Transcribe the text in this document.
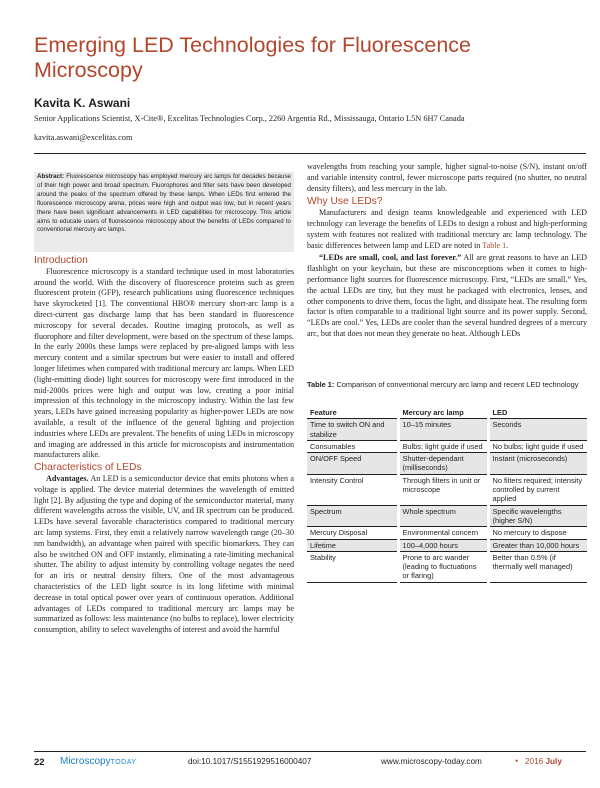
Emerging LED Technologies for Fluorescence Microscopy
Kavita K. Aswani
Senior Applications Scientist, X-Cite®, Excelitas Technologies Corp., 2260 Argentia Rd., Mississauga, Ontario L5N 6H7 Canada
kavita.aswani@excelitas.com

Abstract: Fluorescence microscopy has employed mercury arc lamps for decades because of their high power and broad spectrum. Fluorophores and filter sets have been developed around the peaks of the spectrum offered by these lamps. When LEDs first entered the fluorescence microscopy arena, prices were high and output was low, but in recent years there have been significant advancements in LED capabilities for microscopy. This article aims to educate users of fluorescence microscopy about the benefits of LEDs compared to conventional mercury arc lamps.

Introduction

Fluorescence microscopy is a standard technique used in most laboratories around the world. With the discovery of fluorescence proteins such as green fluorescent protein (GFP), research publications using fluorescence techniques have skyrocketed [1]. The conventional HBO® mercury short-arc lamp is a direct-current gas discharge lamp that has been standard in fluorescence microscopy for several decades. Routine imaging protocols, as well as fluorophore and filter development, were based on the spectrum of these lamps. In the early 2000s these lamps were replaced by pre-aligned lamps with less mercury content and a similar spectrum but were easier to install and offered longer lifetimes when compared with traditional mercury arc lamps. When LED (light-emitting diode) light sources for microscopy were first introduced in the mid-2000s prices were high and output was low, creating a poor initial impression of this technology in the microscopy industry. Within the last few years, LEDs have gained increasing popularity as higher-power LEDs are now available, a result of the influence of the general lighting and projection industries where LEDs are prevalent. The benefits of using LEDs in microscopy and imaging are addressed in this article for microscopists and instrumentation manufacturers alike.

Characteristics of LEDs

Advantages. An LED is a semiconductor device that emits photons when a voltage is applied. The device material determines the wavelength of emitted light [2]. By adjusting the type and doping of the semiconductor material, many different wavelengths across the visible, UV, and IR spectrum can be produced. LEDs have several favorable characteristics compared to traditional mercury arc lamp systems. First, they emit a relatively narrow wavelength range (20–30 nm bandwidth), an advantage when paired with specific biomarkers. They can also be switched ON and OFF instantly, eliminating a rate-limiting mechanical shutter. The ability to adjust intensity by controlling voltage negates the need for an iris or neutral density filters. One of the most advantageous characteristics of the LED light source is its long lifetime with minimal decrease in total optical power over years of continuous operation. Additional advantages of LEDs compared to traditional mercury arc lamps may be summarized as follows: less maintenance (no bulbs to replace), lower electricity consumption, ability to select wavelengths of interest and avoid the harmful

wavelengths from reaching your sample, higher signal-to-noise (S/N), instant on/off and variable intensity control, fewer microscope parts required (no shutter, no neutral density filters), and less mercury in the lab.

Why Use LEDs?

Manufacturers and design teams knowledgeable and experienced with LED technology can leverage the benefits of LEDs to design a robust and high-performing system with features not realized with traditional mercury arc lamp technology. The basic differences between lamp and LED are noted in Table 1.

“LEDs are small, cool, and last forever.” All are great reasons to have an LED flashlight on your keychain, but these are misconceptions when it comes to high-performance light sources for fluorescence microscopy. First, “LEDs are small.” Yes, the actual LEDs are tiny, but they must be packaged with electronics, lenses, and other components to drive them, focus the light, and dissipate heat. The resulting form factor is often comparable to a traditional light source and its power supply. Second, “LEDs are cool.” Yes, LEDs are cooler than the several hundred degrees of a mercury arc, but that does not mean they generate no heat. Although LEDs

Table 1: Comparison of conventional mercury arc lamp and recent LED technology
Feature	Mercury arc lamp	LED
Time to switch ON and stabilize	10–15 minutes	Seconds
Consumables	Bulbs; light guide if used	No bulbs; light guide if used
ON/OFF Speed	Shutter-dependant (milliseconds)	Instant (microseconds)
Intensity Control	Through filters in unit or microscope	No filters required; intensity controlled by current applied
Spectrum	Whole spectrum	Specific wavelengths (higher S/N)
Mercury Disposal	Environmental concern	No mercury to dispose
Lifetime	100–4,000 hours	Greater than 10,000 hours
Stability	Prone to arc wander (leading to fluctuations or flaring)	Better than 0.5% (if thermally well managed)
22 MicroscopyTODAY	doi:10.1017/S1551929516000407	www.microscopy-today.com	• 2016 July
